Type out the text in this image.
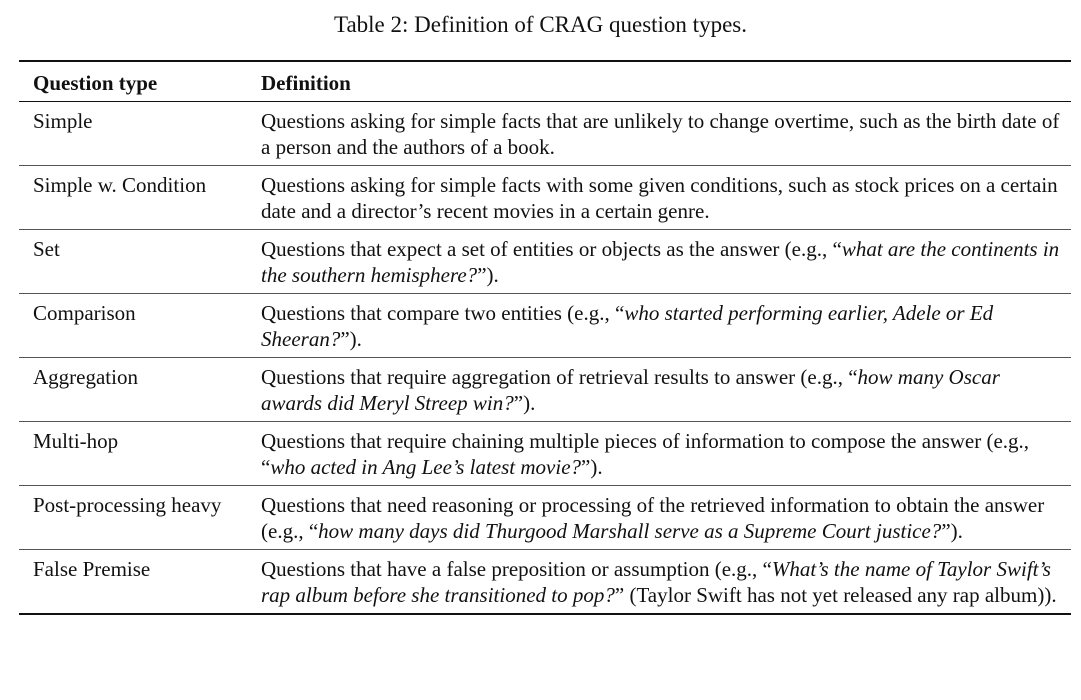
Table 2: Definition of CRAG question types.
Question type	Definition
Simple	Questions asking for simple facts that are unlikely to change overtime, such as the birth date of a person and the authors of a book.
Simple w. Condition	Questions asking for simple facts with some given conditions, such as stock prices on a certain date and a director’s recent movies in a certain genre.
Set	Questions that expect a set of entities or objects as the answer (e.g., “what are the continents in the southern hemisphere?”).
Comparison	Questions that compare two entities (e.g., “who started performing earlier, Adele or Ed Sheeran?”).
Aggregation	Questions that require aggregation of retrieval results to answer (e.g., “how many Oscar awards did Meryl Streep win?”).
Multi-hop	Questions that require chaining multiple pieces of information to compose the answer (e.g., “who acted in Ang Lee’s latest movie?”).
Post-processing heavy	Questions that need reasoning or processing of the retrieved information to obtain the answer (e.g., “how many days did Thurgood Marshall serve as a Supreme Court justice?”).
False Premise	Questions that have a false preposition or assumption (e.g., “What’s the name of Taylor Swift’s rap album before she transitioned to pop?” (Taylor Swift has not yet released any rap album)).
